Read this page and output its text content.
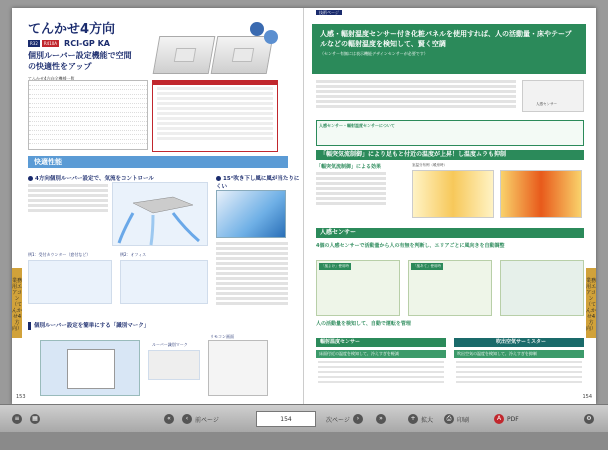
てんかせ4方向
R32	R410A RCI-GP KA
個別ルーバー設定機能で空間の快適性をアップ
てんかせ4方向全機種一覧
快適性能
4方向個別ルーバー設定で、気流をコントロール	15°吹き下し風に風が当たりにくい
例1：受付カウンター（窓付など）	例2：オフィス
個別ルーバー設定を簡単にする「識別マーク」
ルーバー識別マーク
リモコン画面
業務用エアコン（てんかせ4方向）
153
技術ページ
人感・輻射温度センサー付き化粧パネルを使用すれば、人の活動量・床やテーブルなどの輻射温度を検知して、賢く空調
（センサー有無には表示機能デザインセンサーが必要です）
人感センサー
人感センサー・輻射温度センサーについて
「輻突気流制御」により足もと付近の温度が上昇！し温度ムラも抑制
「輻突気流制御」による効果	室温分布例（暖房時）
人感センサー
4個の人感センサーで活動量から人の有無を判断し、エリアごとに風向きを自動調整
「風よけ」使用時	「風あて」使用時
人の活動量を検知して、自動で運転を管理
輻射温度センサー
床面付近の温度を検知して、冷えすぎを軽減
吹出空気サーミスター
吹出空気の温度を検知して、冷えすぎを抑制
業務用エアコン（てんかせ4方向）
154
≡	▦	«	‹	前ページ	154	次ページ	›	»	+ 拡大	⎙ 印刷	A PDF	⚙
